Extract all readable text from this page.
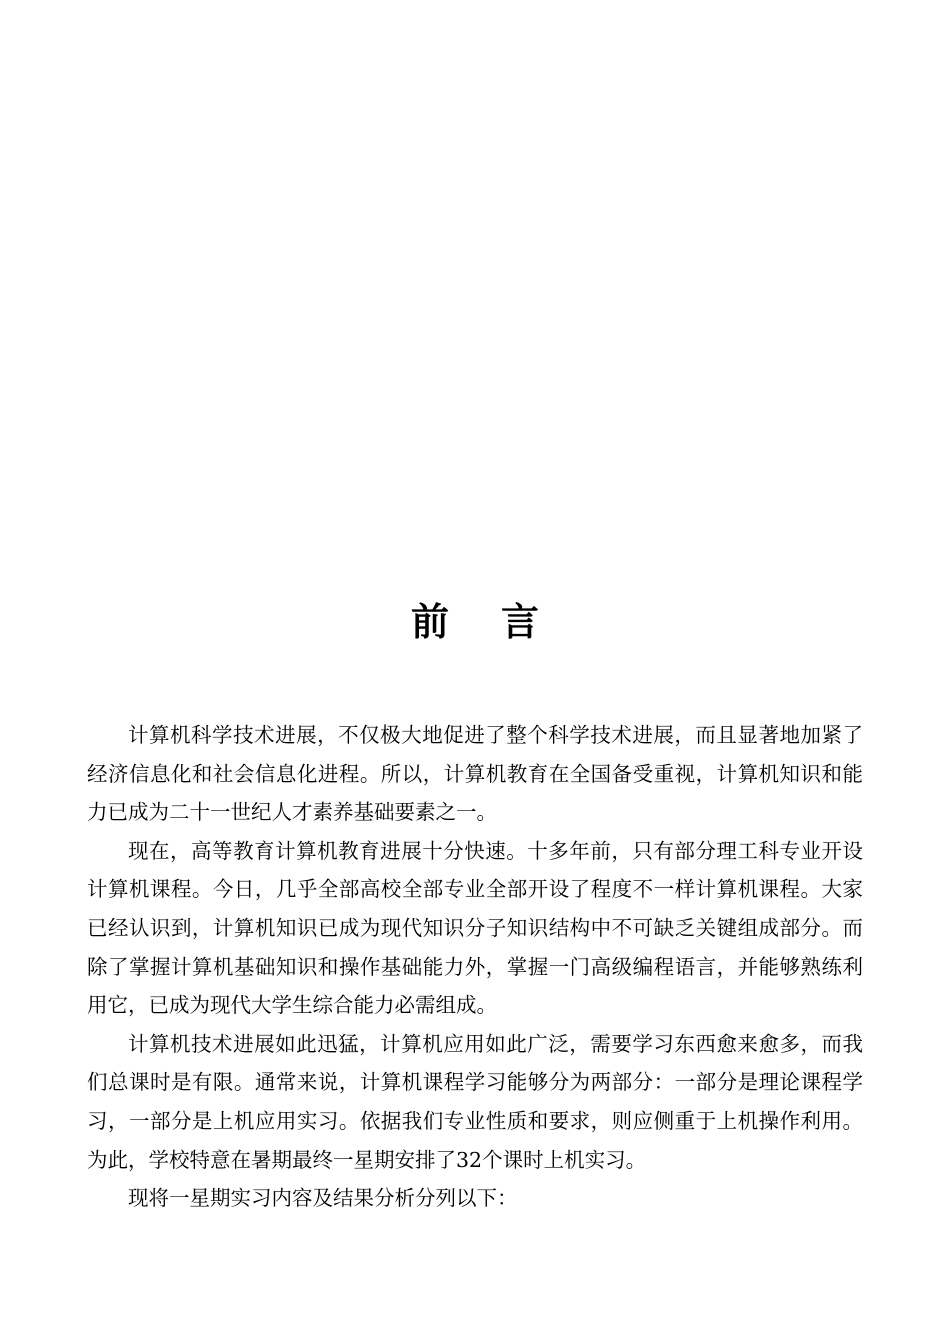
前 言

计算机科学技术进展，不仅极大地促进了整个科学技术进展，而且显著地加紧了经济信息化和社会信息化进程。所以，计算机教育在全国备受重视，计算机知识和能力已成为二十一世纪人才素养基础要素之一。

现在，高等教育计算机教育进展十分快速。十多年前，只有部分理工科专业开设计算机课程。今日，几乎全部高校全部专业全部开设了程度不一样计算机课程。大家已经认识到，计算机知识已成为现代知识分子知识结构中不可缺乏关键组成部分。而除了掌握计算机基础知识和操作基础能力外，掌握一门高级编程语言，并能够熟练利用它，已成为现代大学生综合能力必需组成。

计算机技术进展如此迅猛，计算机应用如此广泛，需要学习东西愈来愈多，而我们总课时是有限。通常来说，计算机课程学习能够分为两部分：一部分是理论课程学习，一部分是上机应用实习。依据我们专业性质和要求，则应侧重于上机操作利用。为此，学校特意在暑期最终一星期安排了32个课时上机实习。

现将一星期实习内容及结果分析分列以下：
